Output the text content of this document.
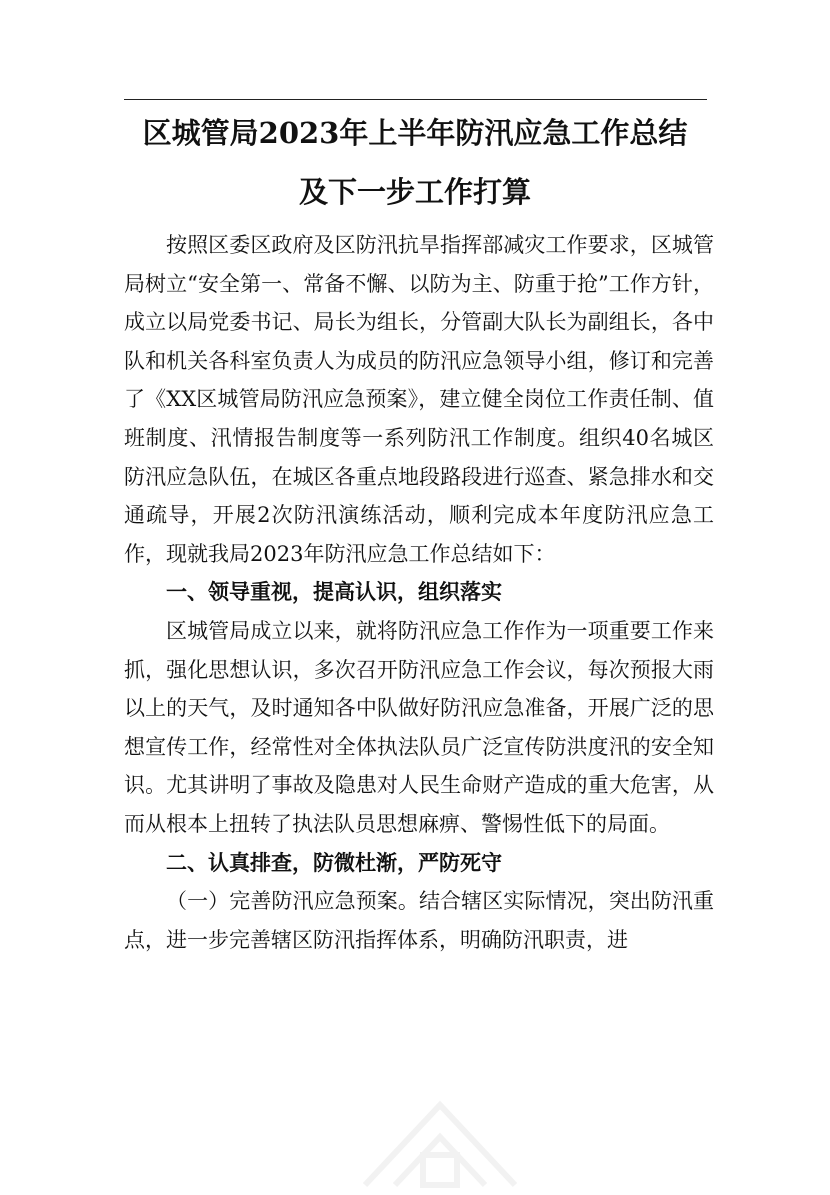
区城管局2023年上半年防汛应急工作总结
及下一步工作打算

按照区委区政府及区防汛抗旱指挥部减灾工作要求，区城管局树立“安全第一、常备不懈、以防为主、防重于抢”工作方针，成立以局党委书记、局长为组长，分管副大队长为副组长，各中队和机关各科室负责人为成员的防汛应急领导小组，修订和完善了《XX区城管局防汛应急预案》，建立健全岗位工作责任制、值班制度、汛情报告制度等一系列防汛工作制度。组织40名城区防汛应急队伍，在城区各重点地段路段进行巡查、紧急排水和交通疏导，开展2次防汛演练活动，顺利完成本年度防汛应急工作，现就我局2023年防汛应急工作总结如下：

一、领导重视，提高认识，组织落实

区城管局成立以来，就将防汛应急工作作为一项重要工作来抓，强化思想认识，多次召开防汛应急工作会议，每次预报大雨以上的天气，及时通知各中队做好防汛应急准备，开展广泛的思想宣传工作，经常性对全体执法队员广泛宣传防洪度汛的安全知识。尤其讲明了事故及隐患对人民生命财产造成的重大危害，从而从根本上扭转了执法队员思想麻痹、警惕性低下的局面。

二、认真排查，防微杜渐，严防死守

（一）完善防汛应急预案。结合辖区实际情况，突出防汛重点，进一步完善辖区防汛指挥体系，明确防汛职责，进
